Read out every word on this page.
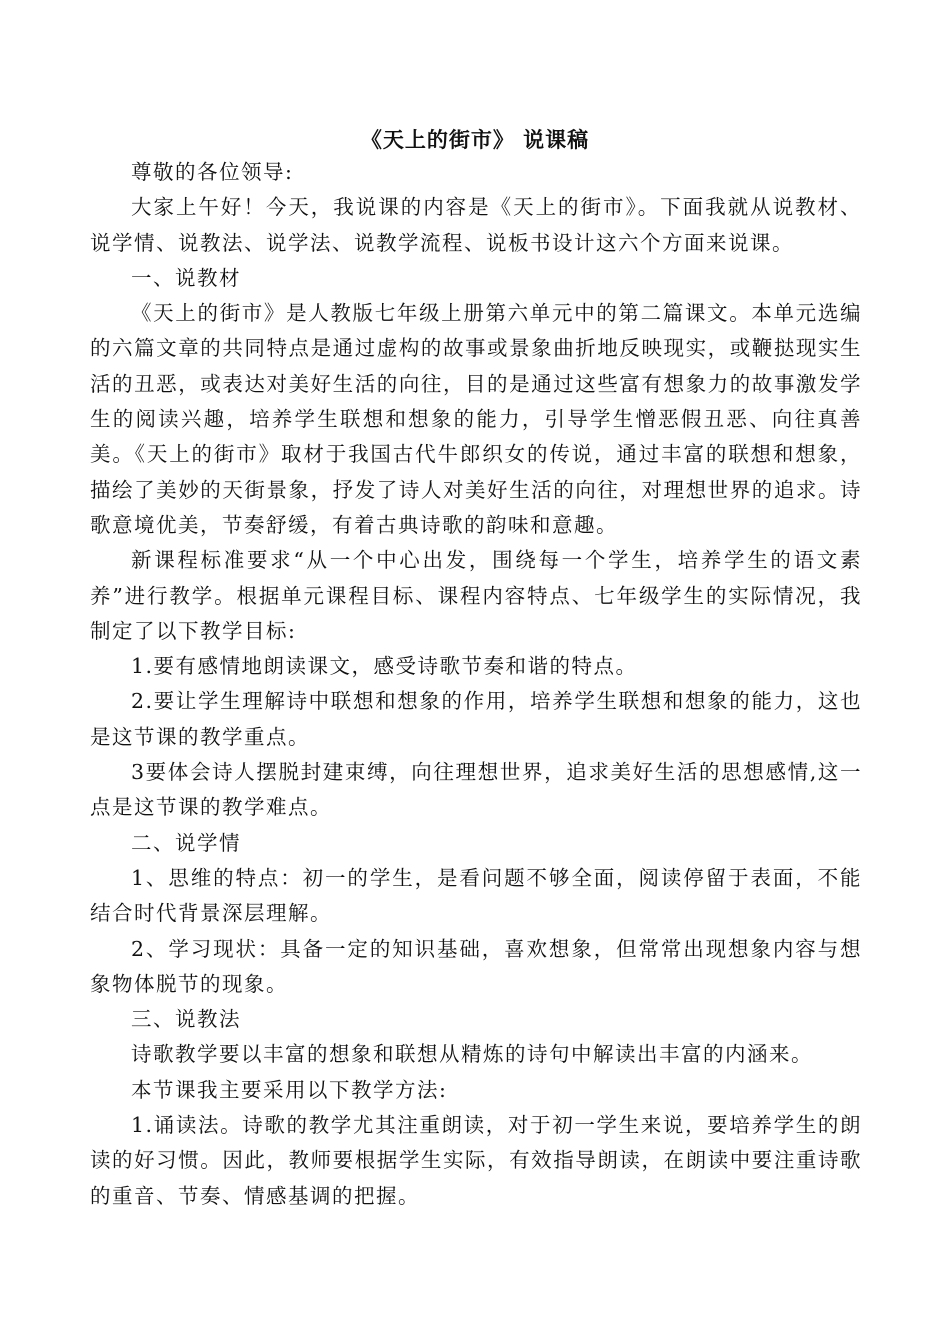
《天上的街市》 说课稿

尊敬的各位领导:

大家上午好！今天，我说课的内容是《天上的街市》。下面我就从说教材、说学情、说教法、说学法、说教学流程、说板书设计这六个方面来说课。

一、说教材

《天上的街市》是人教版七年级上册第六单元中的第二篇课文。本单元选编的六篇文章的共同特点是通过虚构的故事或景象曲折地反映现实，或鞭挞现实生活的丑恶，或表达对美好生活的向往，目的是通过这些富有想象力的故事激发学生的阅读兴趣，培养学生联想和想象的能力，引导学生憎恶假丑恶、向往真善美。《天上的街市》取材于我国古代牛郎织女的传说，通过丰富的联想和想象，描绘了美妙的天街景象，抒发了诗人对美好生活的向往，对理想世界的追求。诗歌意境优美，节奏舒缓，有着古典诗歌的韵味和意趣。

新课程标准要求“从一个中心出发，围绕每一个学生，培养学生的语文素养”进行教学。根据单元课程目标、课程内容特点、七年级学生的实际情况，我制定了以下教学目标:

1.要有感情地朗读课文，感受诗歌节奏和谐的特点。

2.要让学生理解诗中联想和想象的作用，培养学生联想和想象的能力，这也是这节课的教学重点。

3要体会诗人摆脱封建束缚，向往理想世界，追求美好生活的思想感情,这一点是这节课的教学难点。

二、说学情

1、思维的特点：初一的学生，是看问题不够全面，阅读停留于表面，不能结合时代背景深层理解。

2、学习现状：具备一定的知识基础，喜欢想象，但常常出现想象内容与想象物体脱节的现象。

三、说教法

诗歌教学要以丰富的想象和联想从精炼的诗句中解读出丰富的内涵来。

本节课我主要采用以下教学方法:

1.诵读法。诗歌的教学尤其注重朗读，对于初一学生来说，要培养学生的朗读的好习惯。因此，教师要根据学生实际，有效指导朗读，在朗读中要注重诗歌的重音、节奏、情感基调的把握。
